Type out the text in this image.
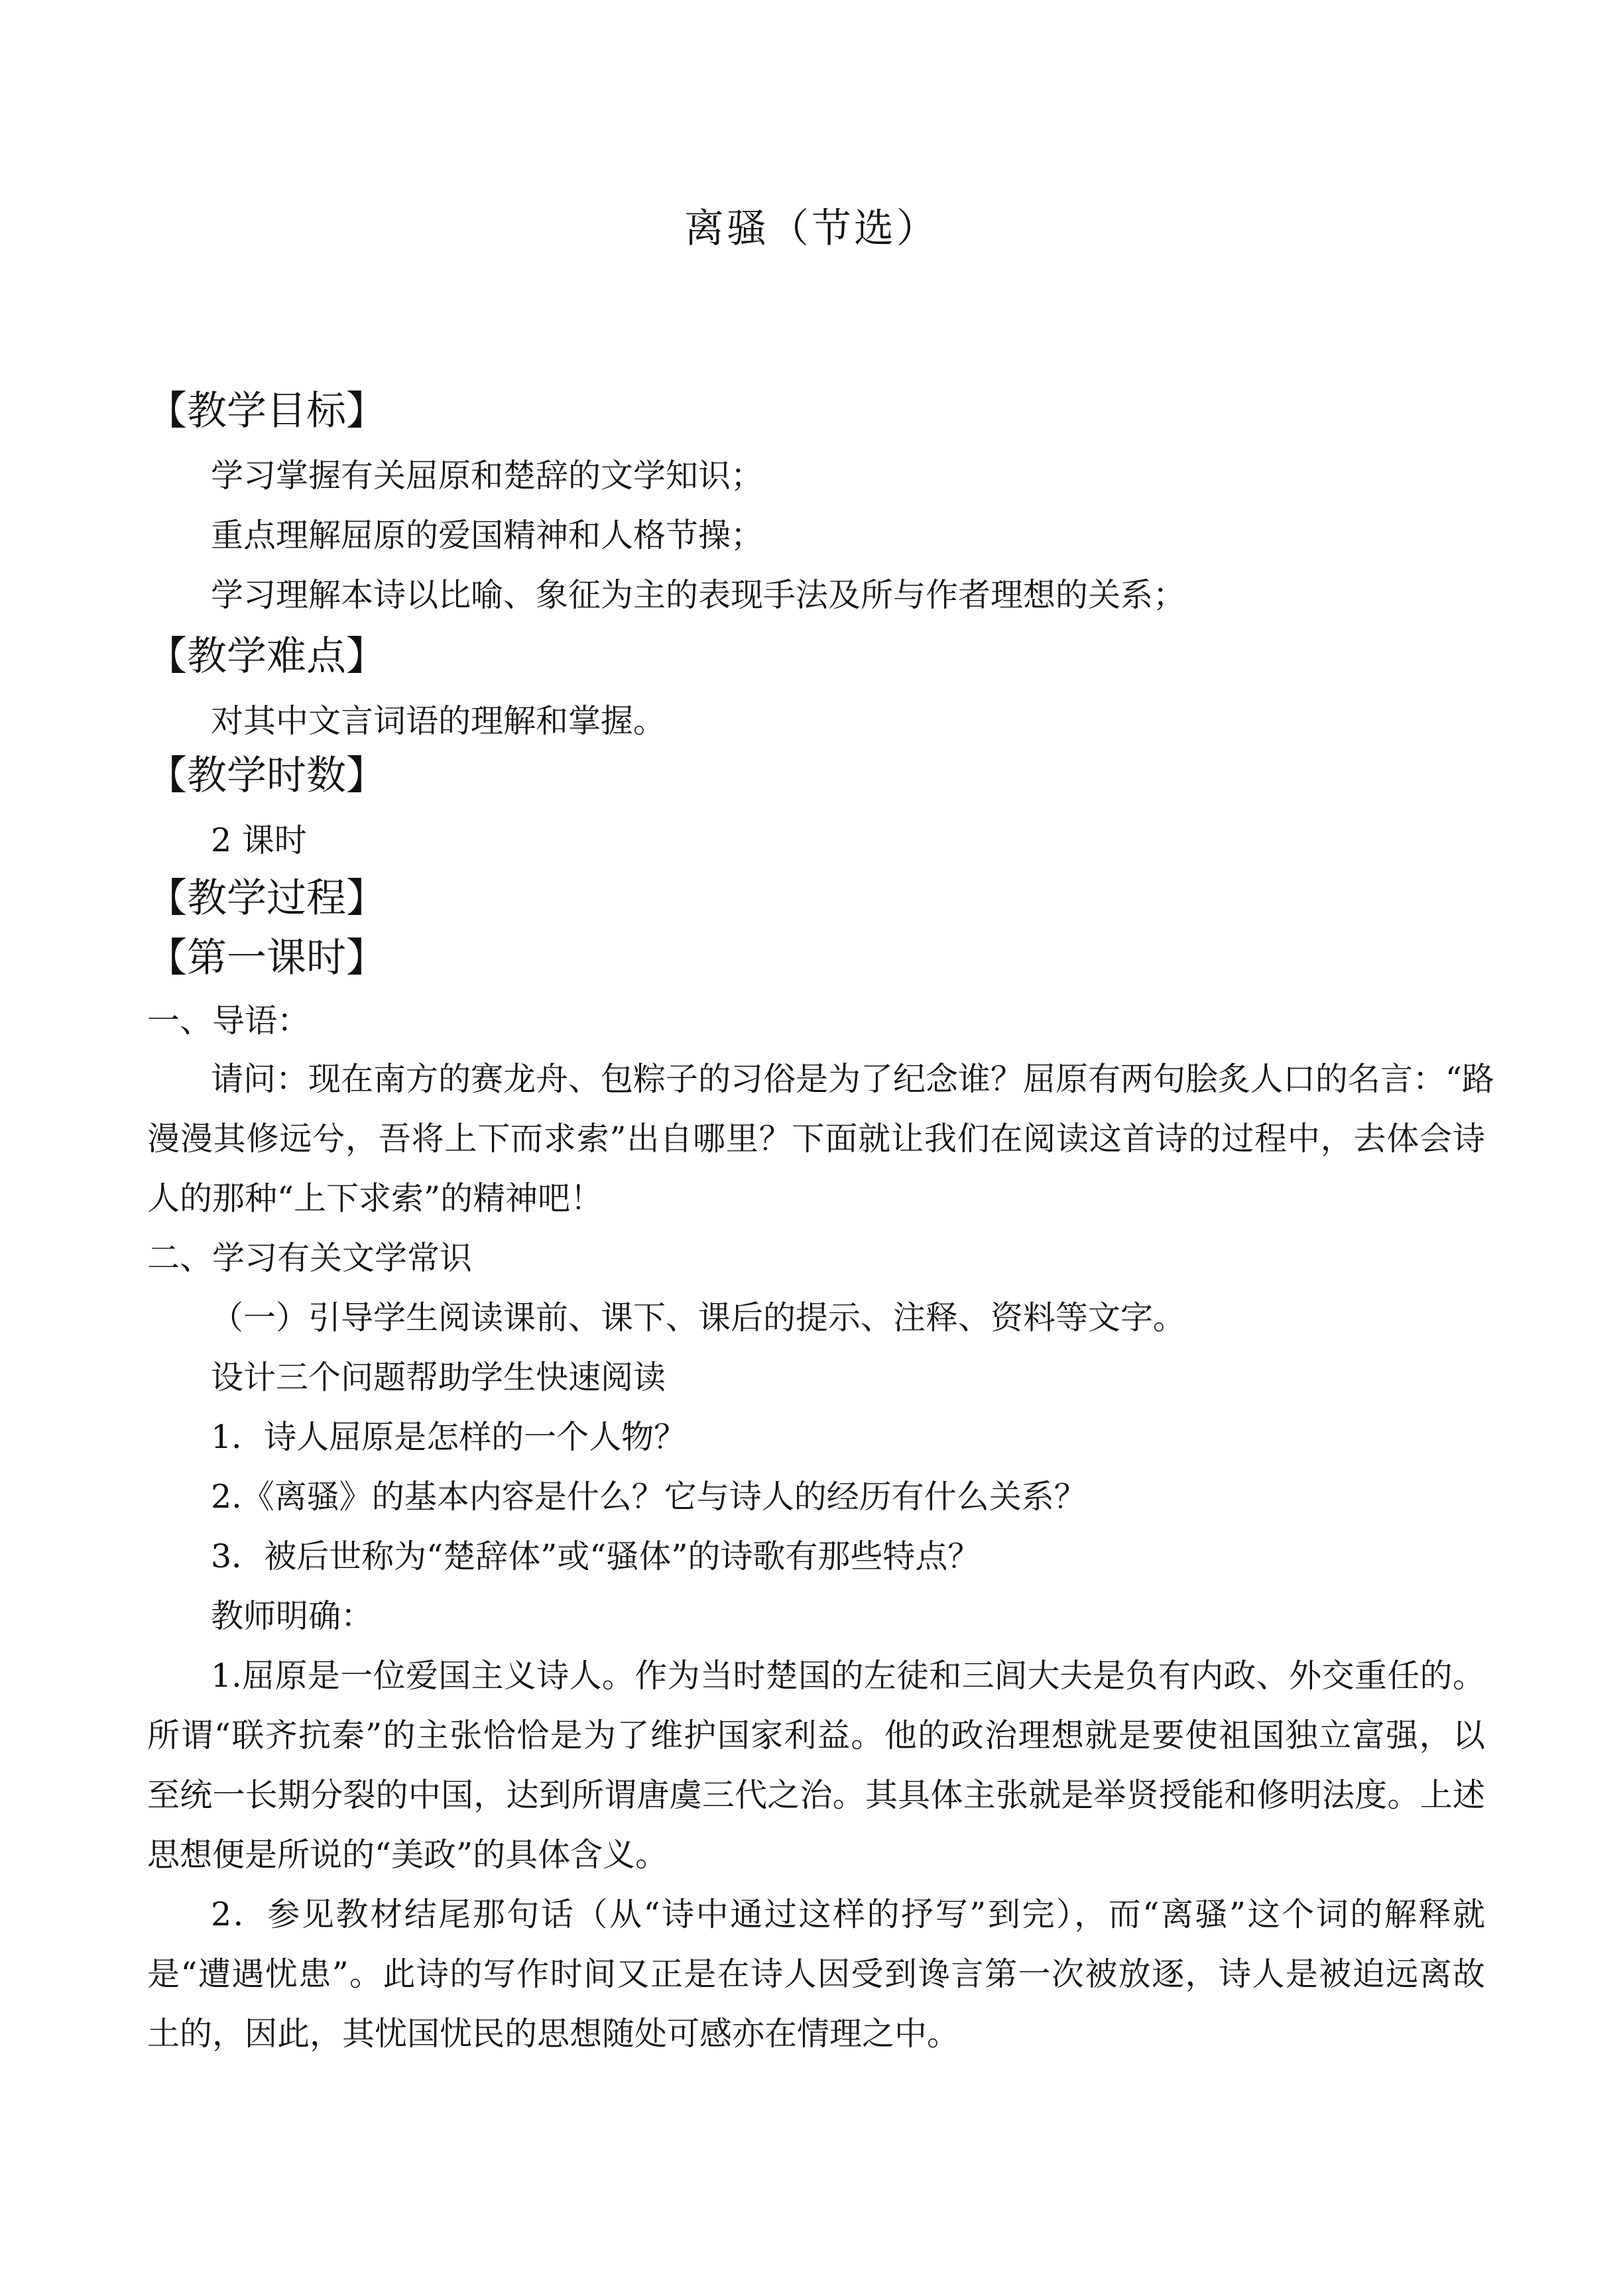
离骚（节选）
【教学目标】
学习掌握有关屈原和楚辞的文学知识；
重点理解屈原的爱国精神和人格节操；
学习理解本诗以比喻、象征为主的表现手法及所与作者理想的关系；
【教学难点】
对其中文言词语的理解和掌握。
【教学时数】
2 课时
【教学过程】
【第一课时】
一、导语：
请问：现在南方的赛龙舟、包粽子的习俗是为了纪念谁？屈原有两句脍炙人口的名言：“路
漫漫其修远兮，吾将上下而求索”出自哪里？下面就让我们在阅读这首诗的过程中，去体会诗
人的那种“上下求索”的精神吧！
二、学习有关文学常识
（一）引导学生阅读课前、课下、课后的提示、注释、资料等文字。
设计三个问题帮助学生快速阅读
1．诗人屈原是怎样的一个人物？
2.《离骚》的基本内容是什么？它与诗人的经历有什么关系？
3．被后世称为“楚辞体”或“骚体”的诗歌有那些特点？
教师明确：
1.屈原是一位爱国主义诗人。作为当时楚国的左徒和三闾大夫是负有内政、外交重任的。
所谓“联齐抗秦”的主张恰恰是为了维护国家利益。他的政治理想就是要使祖国独立富强，以
至统一长期分裂的中国，达到所谓唐虞三代之治。其具体主张就是举贤授能和修明法度。上述
思想便是所说的“美政”的具体含义。
2．参见教材结尾那句话（从“诗中通过这样的抒写”到完），而“离骚”这个词的解释就
是“遭遇忧患”。此诗的写作时间又正是在诗人因受到谗言第一次被放逐，诗人是被迫远离故
土的，因此，其忧国忧民的思想随处可感亦在情理之中。
